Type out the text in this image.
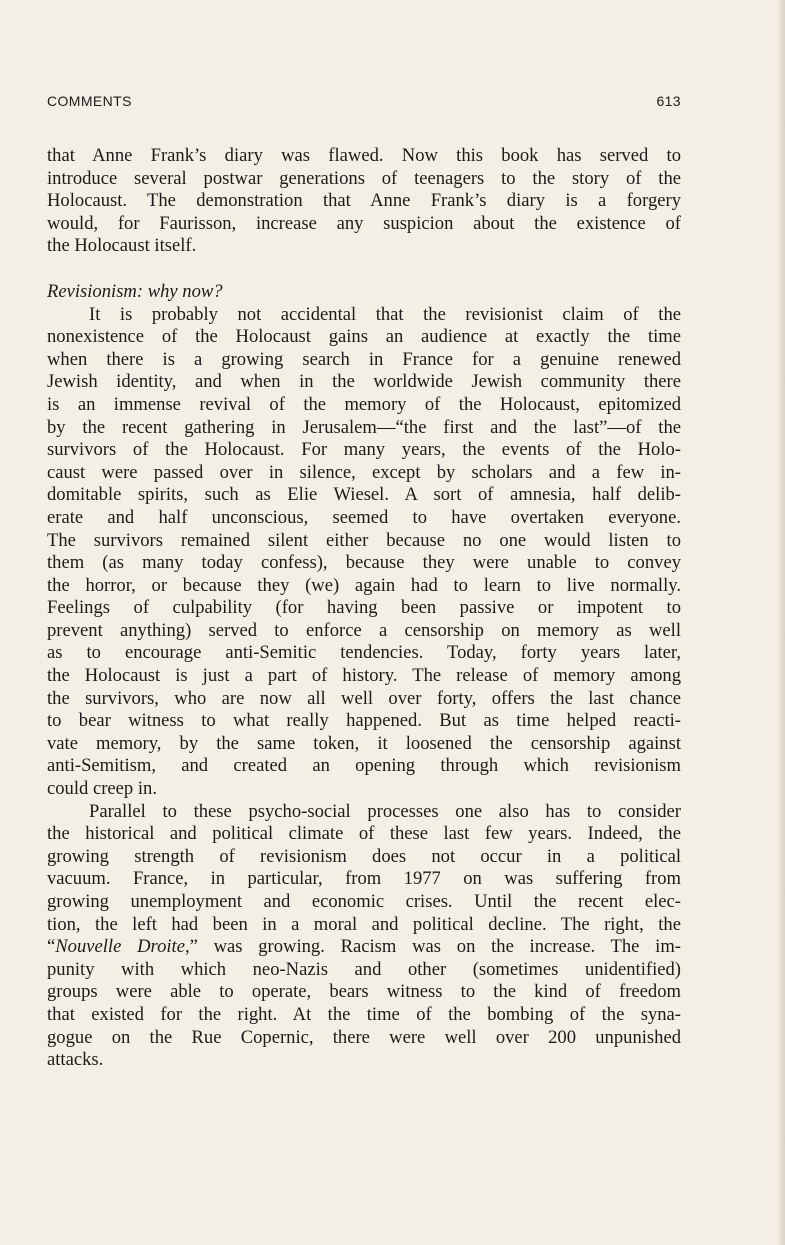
COMMENTS	613
that Anne Frank’s diary was flawed. Now this book has served to
introduce several postwar generations of teenagers to the story of the
Holocaust. The demonstration that Anne Frank’s diary is a forgery
would, for Faurisson, increase any suspicion about the existence of
the Holocaust itself.
Revisionism: why now?
It is probably not accidental that the revisionist claim of the
nonexistence of the Holocaust gains an audience at exactly the time
when there is a growing search in France for a genuine renewed
Jewish identity, and when in the worldwide Jewish community there
is an immense revival of the memory of the Holocaust, epitomized
by the recent gathering in Jerusalem—“the first and the last”—of the
survivors of the Holocaust. For many years, the events of the Holo-
caust were passed over in silence, except by scholars and a few in-
domitable spirits, such as Elie Wiesel. A sort of amnesia, half delib-
erate and half unconscious, seemed to have overtaken everyone.
The survivors remained silent either because no one would listen to
them (as many today confess), because they were unable to convey
the horror, or because they (we) again had to learn to live normally.
Feelings of culpability (for having been passive or impotent to
prevent anything) served to enforce a censorship on memory as well
as to encourage anti-Semitic tendencies. Today, forty years later,
the Holocaust is just a part of history. The release of memory among
the survivors, who are now all well over forty, offers the last chance
to bear witness to what really happened. But as time helped reacti-
vate memory, by the same token, it loosened the censorship against
anti-Semitism, and created an opening through which revisionism
could creep in.
Parallel to these psycho-social processes one also has to consider
the historical and political climate of these last few years. Indeed, the
growing strength of revisionism does not occur in a political
vacuum. France, in particular, from 1977 on was suffering from
growing unemployment and economic crises. Until the recent elec-
tion, the left had been in a moral and political decline. The right, the
“Nouvelle Droite,” was growing. Racism was on the increase. The im-
punity with which neo-Nazis and other (sometimes unidentified)
groups were able to operate, bears witness to the kind of freedom
that existed for the right. At the time of the bombing of the syna-
gogue on the Rue Copernic, there were well over 200 unpunished
attacks.
